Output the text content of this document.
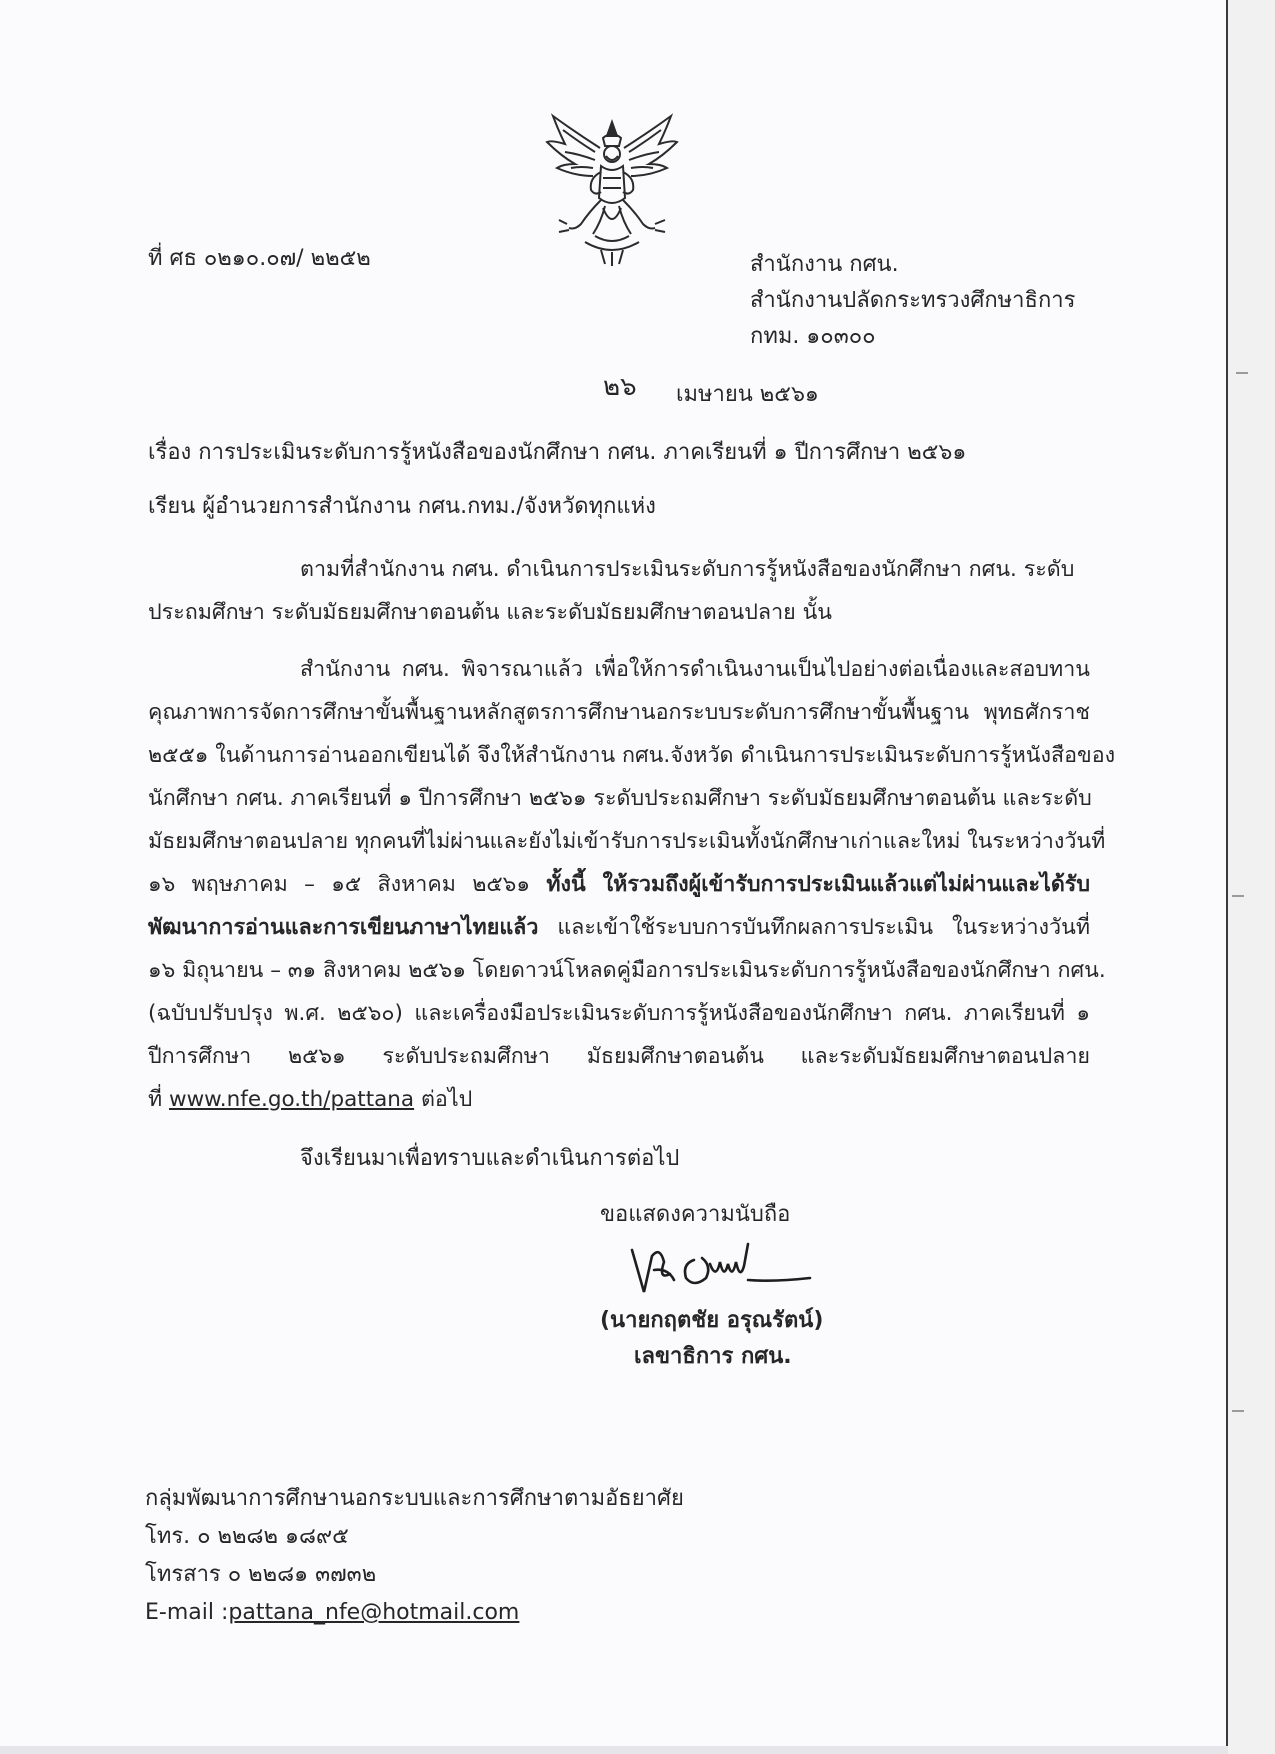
ที่ ศธ ๐๒๑๐.๐๗/ ๒๒๕๒	สำนักงาน กศน.
สำนักงานปลัดกระทรวงศึกษาธิการ
กทม. ๑๐๓๐๐
๒๖ เมษายน ๒๕๖๑
เรื่อง การประเมินระดับการรู้หนังสือของนักศึกษา กศน. ภาคเรียนที่ ๑ ปีการศึกษา ๒๕๖๑
เรียน ผู้อำนวยการสำนักงาน กศน.กทม./จังหวัดทุกแห่ง
ตามที่สำนักงาน กศน. ดำเนินการประเมินระดับการรู้หนังสือของนักศึกษา กศน. ระดับ
ประถมศึกษา ระดับมัธยมศึกษาตอนต้น และระดับมัธยมศึกษาตอนปลาย นั้น
สำนักงาน กศน. พิจารณาแล้ว เพื่อให้การดำเนินงานเป็นไปอย่างต่อเนื่องและสอบทาน
คุณภาพการจัดการศึกษาขั้นพื้นฐานหลักสูตรการศึกษานอกระบบระดับการศึกษาขั้นพื้นฐาน พุทธศักราช
๒๕๕๑ ในด้านการอ่านออกเขียนได้ จึงให้สำนักงาน กศน.จังหวัด ดำเนินการประเมินระดับการรู้หนังสือของ
นักศึกษา กศน. ภาคเรียนที่ ๑ ปีการศึกษา ๒๕๖๑ ระดับประถมศึกษา ระดับมัธยมศึกษาตอนต้น และระดับ
มัธยมศึกษาตอนปลาย ทุกคนที่ไม่ผ่านและยังไม่เข้ารับการประเมินทั้งนักศึกษาเก่าและใหม่ ในระหว่างวันที่
๑๖ พฤษภาคม – ๑๕ สิงหาคม ๒๕๖๑ ทั้งนี้ ให้รวมถึงผู้เข้ารับการประเมินแล้วแต่ไม่ผ่านและได้รับ
พัฒนาการอ่านและการเขียนภาษาไทยแล้ว และเข้าใช้ระบบการบันทึกผลการประเมิน ในระหว่างวันที่
๑๖ มิถุนายน – ๓๑ สิงหาคม ๒๕๖๑ โดยดาวน์โหลดคู่มือการประเมินระดับการรู้หนังสือของนักศึกษา กศน.
(ฉบับปรับปรุง พ.ศ. ๒๕๖๐) และเครื่องมือประเมินระดับการรู้หนังสือของนักศึกษา กศน. ภาคเรียนที่ ๑
ปีการศึกษา ๒๕๖๑ ระดับประถมศึกษา มัธยมศึกษาตอนต้น และระดับมัธยมศึกษาตอนปลาย
ที่ www.nfe.go.th/pattana ต่อไป
จึงเรียนมาเพื่อทราบและดำเนินการต่อไป
ขอแสดงความนับถือ
(นายกฤตชัย อรุณรัตน์)
เลขาธิการ กศน.
กลุ่มพัฒนาการศึกษานอกระบบและการศึกษาตามอัธยาศัย
โทร. ๐ ๒๒๘๒ ๑๘๙๕
โทรสาร ๐ ๒๒๘๑ ๓๗๓๒
E-mail :pattana_nfe@hotmail.com
